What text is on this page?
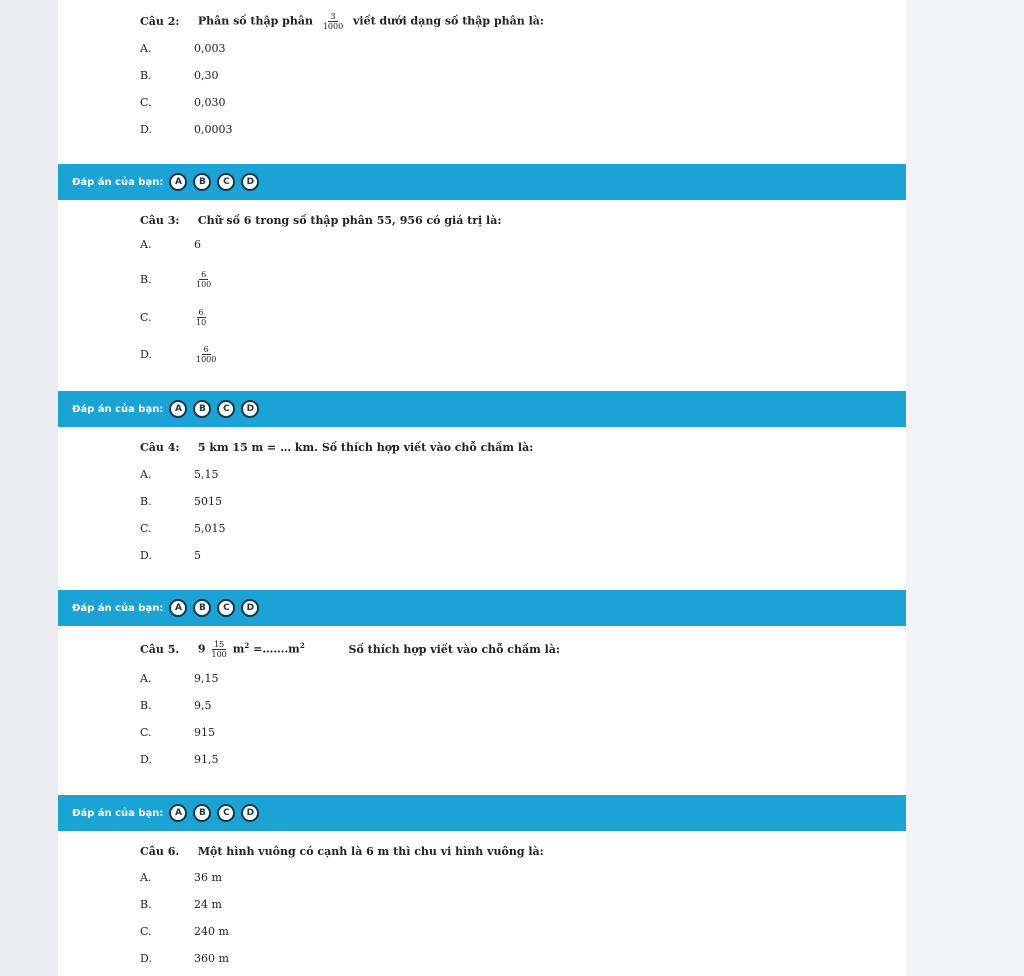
Câu 2: Phân số thập phân $\frac{3}{1000}$ viết dưới dạng số thập phân là:
A.	0,003
B.	0,30
C.	0,030
D.	0,0003
Đáp án của bạn:	A	B	C	D
Câu 3: Chữ số 6 trong số thập phân 55, 956 có giá trị là:
A.	6
B.	$\frac{6}{100}$
C.	$\frac{6}{10}$
D.	$\frac{6}{1000}$
Đáp án của bạn:	A	B	C	D
Câu 4: 5 km 15 m = … km. Số thích hợp viết vào chỗ chấm là:
A.	5,15
B.	5015
C.	5,015
D.	5
Đáp án của bạn:	A	B	C	D
Câu 5. $9 \frac{15}{100} m^2$ $=\dots\dots.m^2$	Số thích hợp viết vào chỗ chấm là:
A.	9,15
B.	9,5
C.	915
D.	91,5
Đáp án của bạn:	A	B	C	D
Câu 6. Một hình vuông có cạnh là 6 m thì chu vi hình vuông là:
A.	36 m
B.	24 m
C.	240 m
D.	360 m
